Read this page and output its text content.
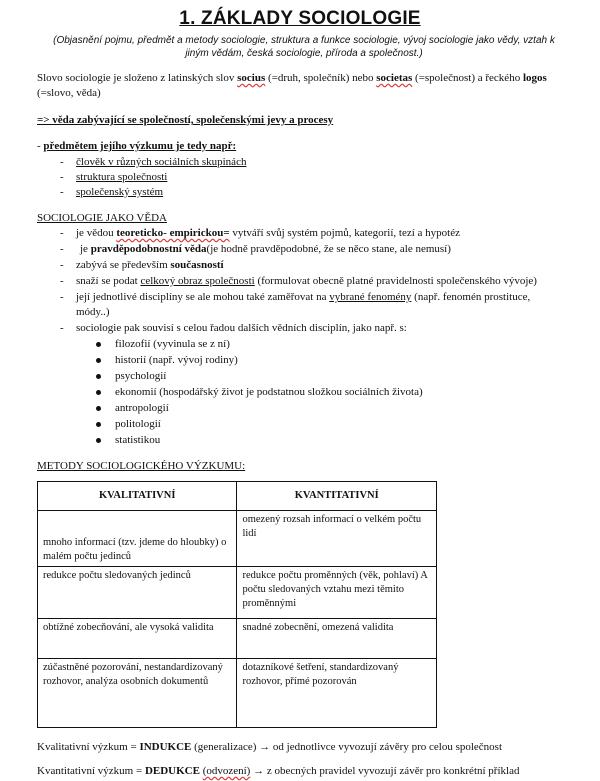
1. ZÁKLADY SOCIOLOGIE
(Objasnění pojmu, předmět a metody sociologie, struktura a funkce sociologie, vývoj sociologie jako vědy, vztah k jiným vědám, česká sociologie, příroda a společnost.)
Slovo sociologie je složeno z latinských slov socius (=druh, společník) nebo societas (=společnost) a řeckého logos (=slovo, věda)
=> věda zabývající se společností, společenskými jevy a procesy
- předmětem jejího výzkumu je tedy např:
- člověk v různých sociálních skupinách
- struktura společnosti
- společenský systém
SOCIOLOGIE JAKO VĚDA
- je vědou teoreticko- empirickou= vytváří svůj systém pojmů, kategorií, tezí a hypotéz
- je pravděpodobnostní věda(je hodně pravděpodobné, že se něco stane, ale nemusí)
- zabývá se především současností
- snaží se podat celkový obraz společnosti (formulovat obecně platné pravidelnosti společenského vývoje)
- její jednotlivé disciplíny se ale mohou také zaměřovat na vybrané fenomény (např. fenomén prostituce,
módy..)
- sociologie pak souvisí s celou řadou dalších vědních disciplín, jako např. s:
filozofií (vyvinula se z ní)
historií (např. vývoj rodiny)
psychologií
ekonomií (hospodářský život je podstatnou složkou sociálních života)
antropologií
politologií
statistikou
METODY SOCIOLOGICKÉHO VÝZKUMU:
KVALITATIVNÍ	KVANTITATIVNÍ
mnoho informací (tzv. jdeme do hloubky) o malém počtu jedinců	omezený rozsah informací o velkém počtu lidí
redukce počtu sledovaných jedinců	redukce počtu proměnných (věk, pohlaví) A počtu sledovaných vztahu mezi těmito proměnnými
obtížné zobecňování, ale vysoká validita	snadné zobecnění, omezená validita
zúčastněné pozorování, nestandardizovaný rozhovor, analýza osobních dokumentů	dotazníkové šetření, standardizovaný rozhovor, přímé pozorován
Kvalitativní výzkum = INDUKCE (generalizace) → od jednotlivce vyvozují závěry pro celou společnost
Kvantitativní výzkum = DEDUKCE (odvození) → z obecných pravidel vyvozují závěr pro konkrétní příklad
